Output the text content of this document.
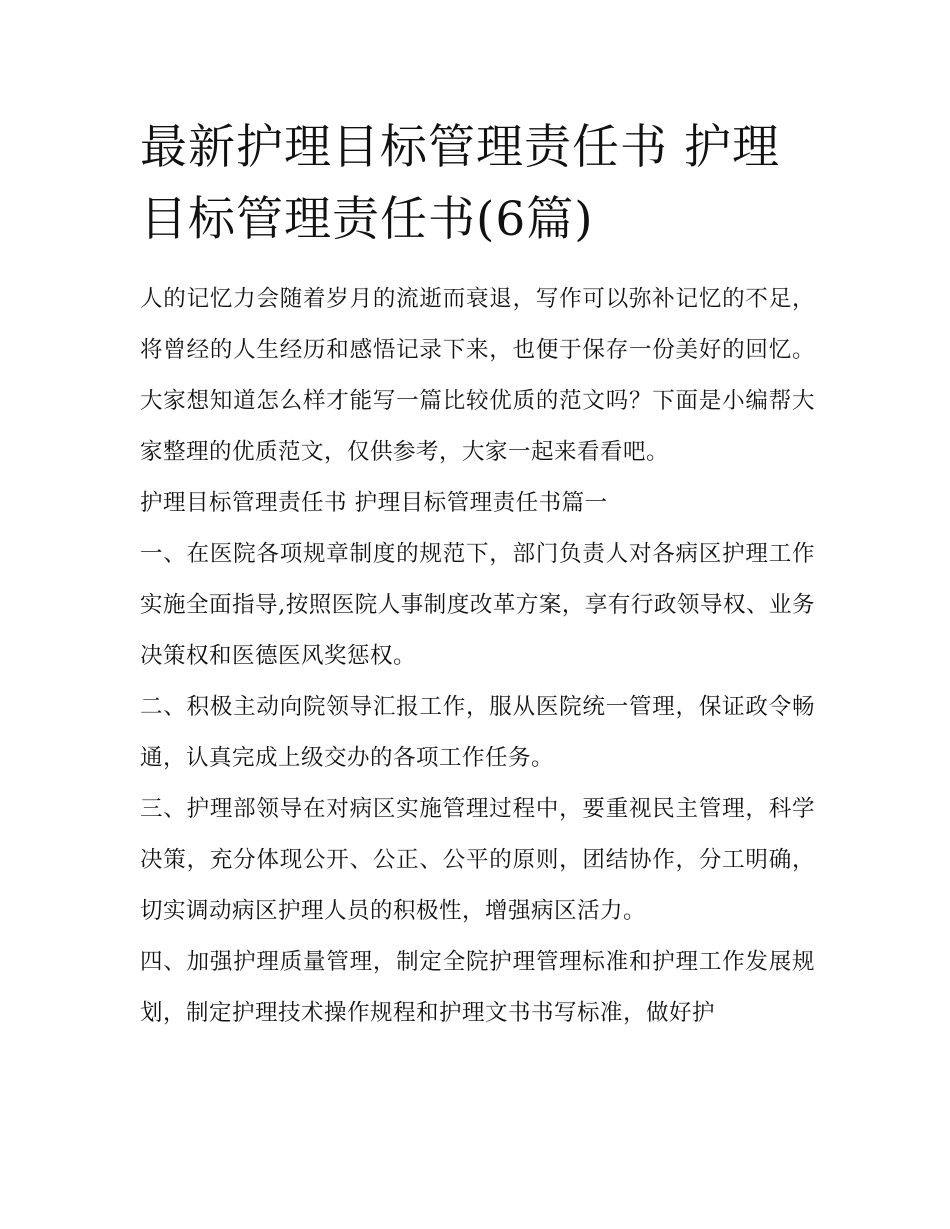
最新护理目标管理责任书 护理目标管理责任书(6篇)

人的记忆力会随着岁月的流逝而衰退，写作可以弥补记忆的不足，将曾经的人生经历和感悟记录下来，也便于保存一份美好的回忆。大家想知道怎么样才能写一篇比较优质的范文吗？下面是小编帮大家整理的优质范文，仅供参考，大家一起来看看吧。

护理目标管理责任书 护理目标管理责任书篇一

一、在医院各项规章制度的规范下，部门负责人对各病区护理工作实施全面指导,按照医院人事制度改革方案，享有行政领导权、业务决策权和医德医风奖惩权。

二、积极主动向院领导汇报工作，服从医院统一管理，保证政令畅通，认真完成上级交办的各项工作任务。

三、护理部领导在对病区实施管理过程中，要重视民主管理，科学决策，充分体现公开、公正、公平的原则，团结协作，分工明确，切实调动病区护理人员的积极性，增强病区活力。

四、加强护理质量管理，制定全院护理管理标准和护理工作发展规划，制定护理技术操作规程和护理文书书写标准，做好护
